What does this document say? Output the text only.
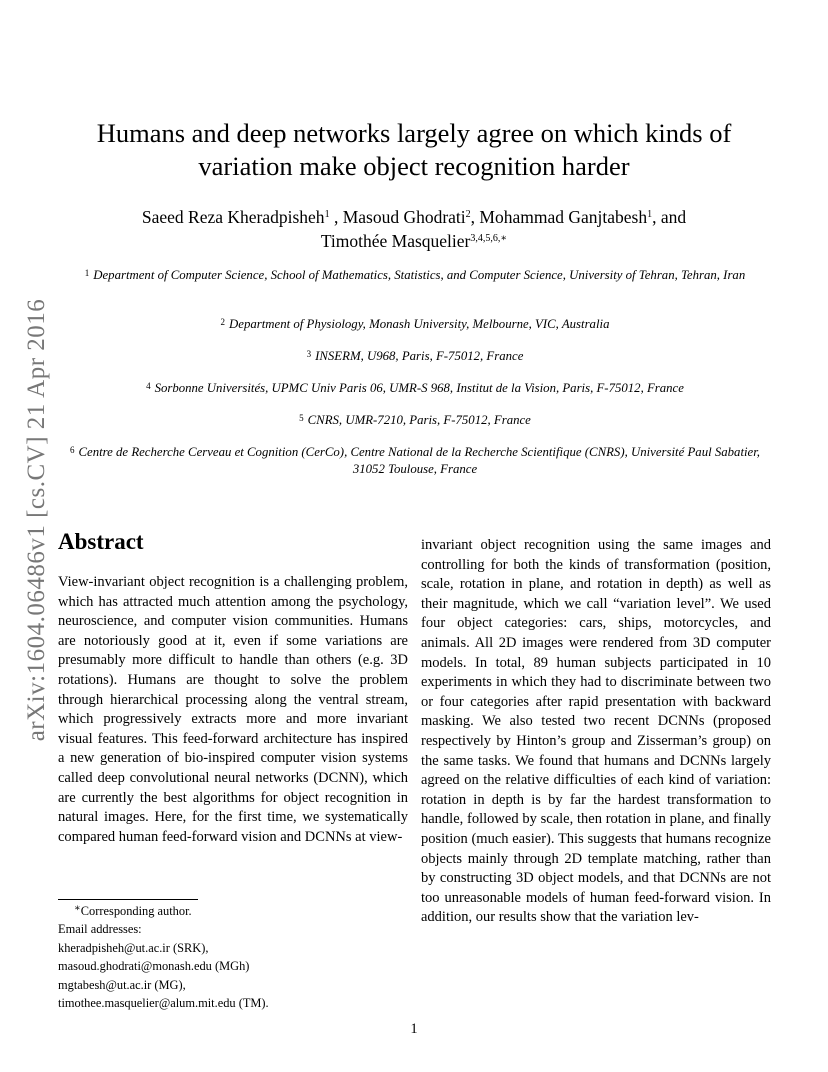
arXiv:1604.06486v1 [cs.CV] 21 Apr 2016
Humans and deep networks largely agree on which kinds of
variation make object recognition harder
Saeed Reza Kheradpisheh$^1$ , Masoud Ghodrati$^2$, Mohammad Ganjtabesh$^1$, and
Timothée Masquelier$^{3,4,5,6,∗}$
$^1$ Department of Computer Science, School of Mathematics, Statistics, and Computer Science, University of Tehran, Tehran, Iran
$^2$ Department of Physiology, Monash University, Melbourne, VIC, Australia
$^3$ INSERM, U968, Paris, F-75012, France
$^4$ Sorbonne Universités, UPMC Univ Paris 06, UMR-S 968, Institut de la Vision, Paris, F-75012, France
$^5$ CNRS, UMR-7210, Paris, F-75012, France
$^6$ Centre de Recherche Cerveau et Cognition (CerCo), Centre National de la Recherche Scientifique (CNRS), Université Paul Sabatier, 31052 Toulouse, France
Abstract
View-invariant object recognition is a challenging problem, which has attracted much attention among the psychology, neuroscience, and computer vision communities. Humans are notoriously good at it, even if some variations are presumably more difficult to handle than others (e.g. 3D rotations). Humans are thought to solve the problem through hierarchical processing along the ventral stream, which progressively extracts more and more invariant visual features. This feed-forward architecture has inspired a new generation of bio-inspired computer vision systems called deep convolutional neural networks (DCNN), which are currently the best algorithms for object recognition in natural images. Here, for the first time, we systematically compared human feed-forward vision and DCNNs at view-
invariant object recognition using the same images and controlling for both the kinds of transformation (position, scale, rotation in plane, and rotation in depth) as well as their magnitude, which we call “variation level”. We used four object categories: cars, ships, motorcycles, and animals. All 2D images were rendered from 3D computer models. In total, 89 human subjects participated in 10 experiments in which they had to discriminate between two or four categories after rapid presentation with backward masking. We also tested two recent DCNNs (proposed respectively by Hinton’s group and Zisserman’s group) on the same tasks. We found that humans and DCNNs largely agreed on the relative difficulties of each kind of variation: rotation in depth is by far the hardest transformation to handle, followed by scale, then rotation in plane, and finally position (much easier). This suggests that humans recognize objects mainly through 2D template matching, rather than by constructing 3D object models, and that DCNNs are not too unreasonable models of human feed-forward vision. In addition, our results show that the variation lev-
∗Corresponding author.
Email addresses:
kheradpisheh@ut.ac.ir (SRK),
masoud.ghodrati@monash.edu (MGh)
mgtabesh@ut.ac.ir (MG),
timothee.masquelier@alum.mit.edu (TM).
1
